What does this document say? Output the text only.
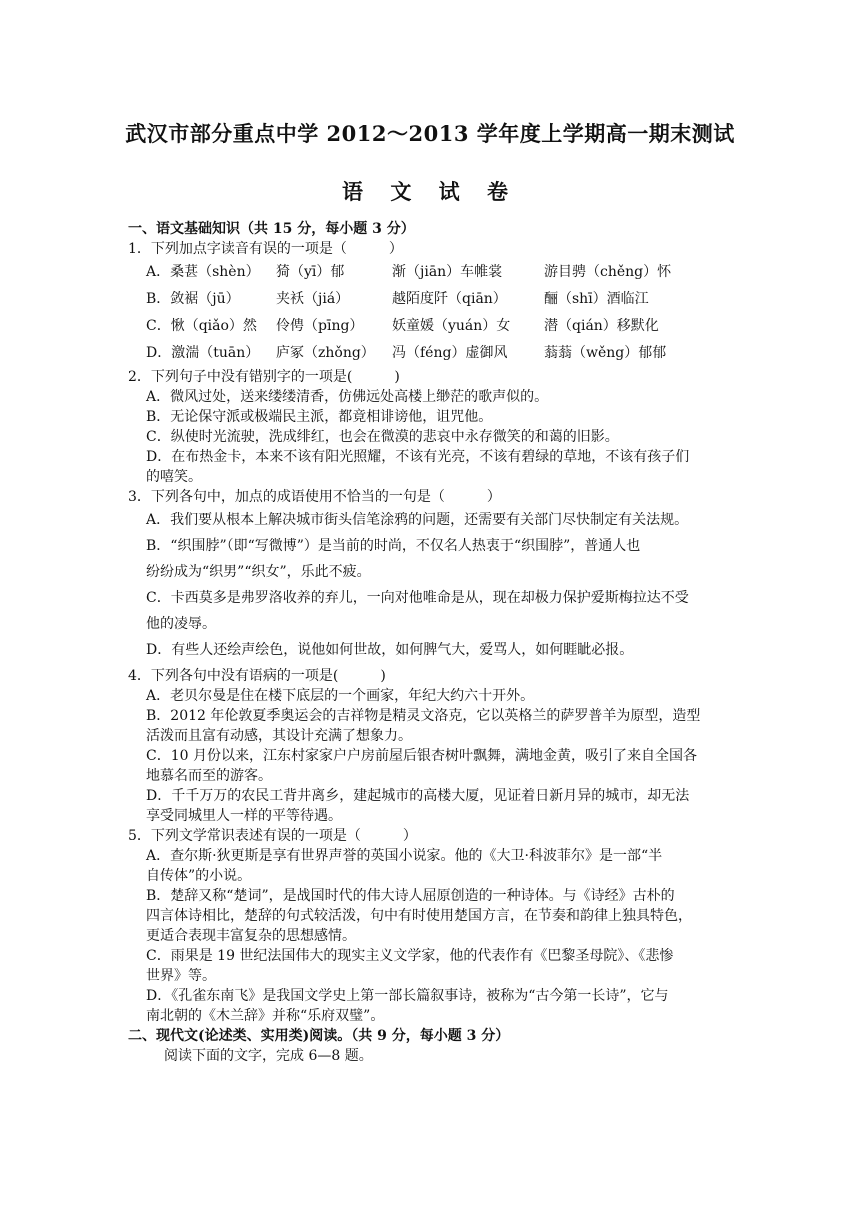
武汉市部分重点中学 2012～2013 学年度上学期高一期末测试
语 文 试 卷
一、语文基础知识（共 15 分，每小题 3 分）
1．下列加点字读音有误的一项是（　　　）
A．桑葚（shèn）	猗（yī）郁	渐（jiān）车帷裳	游目骋（chěng）怀
B．敛裾（jū）	夹袄（jiá）	越陌度阡（qiān）	酾（shī）酒临江
C．愀（qiǎo）然	伶俜（pīng）	妖童媛（yuán）女	潜（qián）移默化
D．激湍（tuān）	庐冢（zhǒng）	冯（féng）虚御风	蓊蓊（wěng）郁郁
2．下列句子中没有错别字的一项是(　　　)
A．微风过处，送来缕缕清香，仿佛远处高楼上缈茫的歌声似的。
B．无论保守派或极端民主派，都竟相诽谤他，诅咒他。
C．纵使时光流驶，洗成绯红，也会在微漠的悲哀中永存微笑的和蔼的旧影。
D．在布热金卡，本来不该有阳光照耀，不该有光亮，不该有碧绿的草地，不该有孩子们
的嘻笑。
3．下列各句中，加点的成语使用不恰当的一句是（　　　）
A．我们要从根本上解决城市街头信笔涂鸦的问题，还需要有关部门尽快制定有关法规。
B．“织围脖”（即“写微博”）是当前的时尚，不仅名人热衷于“织围脖”，普通人也
纷纷成为“织男”“织女”，乐此不疲。
C．卡西莫多是弗罗洛收养的弃儿，一向对他唯命是从，现在却极力保护爱斯梅拉达不受
他的凌辱。
D．有些人还绘声绘色，说他如何世故，如何脾气大，爱骂人，如何睚眦必报。
4．下列各句中没有语病的一项是(　　　)
A．老贝尔曼是住在楼下底层的一个画家，年纪大约六十开外。
B．2012 年伦敦夏季奥运会的吉祥物是精灵文洛克，它以英格兰的萨罗普羊为原型，造型
活泼而且富有动感，其设计充满了想象力。
C．10 月份以来，江东村家家户户房前屋后银杏树叶飘舞，满地金黄，吸引了来自全国各
地慕名而至的游客。
D．千千万万的农民工背井离乡，建起城市的高楼大厦，见证着日新月异的城市，却无法
享受同城里人一样的平等待遇。
5．下列文学常识表述有误的一项是（　　　）
A．查尔斯·狄更斯是享有世界声誉的英国小说家。他的《大卫·科波菲尔》是一部“半
自传体”的小说。
B．楚辞又称“楚词”，是战国时代的伟大诗人屈原创造的一种诗体。与《诗经》古朴的
四言体诗相比，楚辞的句式较活泼，句中有时使用楚国方言，在节奏和韵律上独具特色，
更适合表现丰富复杂的思想感情。
C．雨果是 19 世纪法国伟大的现实主义文学家，他的代表作有《巴黎圣母院》、《悲惨
世界》等。
D．《孔雀东南飞》是我国文学史上第一部长篇叙事诗，被称为“古今第一长诗”，它与
南北朝的《木兰辞》并称“乐府双璧”。
二、现代文(论述类、实用类)阅读。（共 9 分，每小题 3 分）
阅读下面的文字，完成 6—8 题。
